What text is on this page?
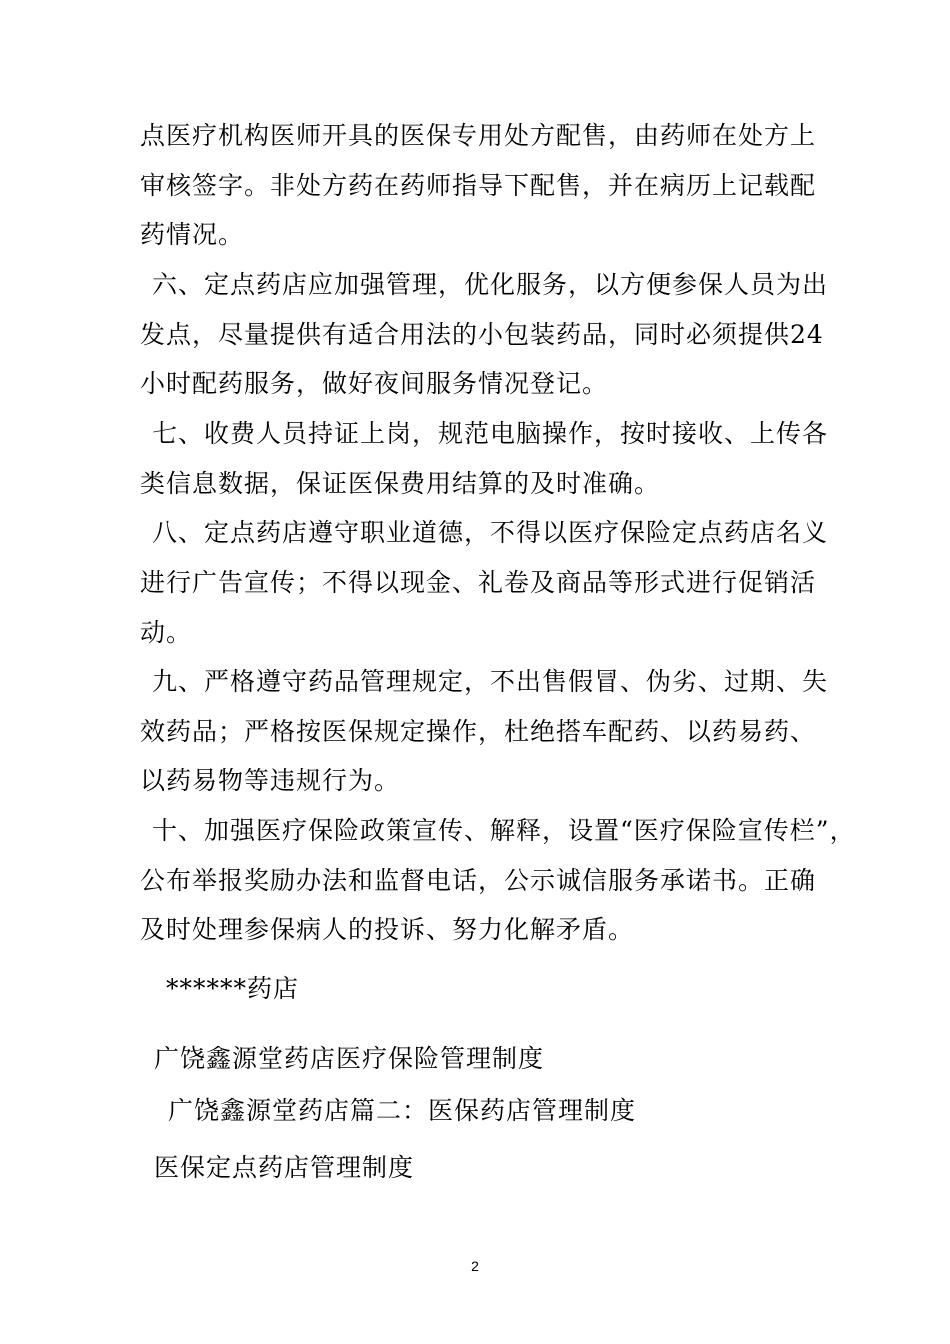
点医疗机构医师开具的医保专用处方配售，由药师在处方上
审核签字。非处方药在药师指导下配售，并在病历上记载配
药情况。
六、定点药店应加强管理，优化服务，以方便参保人员为出
发点，尽量提供有适合用法的小包装药品，同时必须提供24
小时配药服务，做好夜间服务情况登记。
七、收费人员持证上岗，规范电脑操作，按时接收、上传各
类信息数据，保证医保费用结算的及时准确。
八、定点药店遵守职业道德，不得以医疗保险定点药店名义
进行广告宣传；不得以现金、礼卷及商品等形式进行促销活
动。
九、严格遵守药品管理规定，不出售假冒、伪劣、过期、失
效药品；严格按医保规定操作，杜绝搭车配药、以药易药、
以药易物等违规行为。
十、加强医疗保险政策宣传、解释，设置“医疗保险宣传栏”，
公布举报奖励办法和监督电话，公示诚信服务承诺书。正确
及时处理参保病人的投诉、努力化解矛盾。
******药店
广饶鑫源堂药店医疗保险管理制度
广饶鑫源堂药店篇二：医保药店管理制度
医保定点药店管理制度
2
